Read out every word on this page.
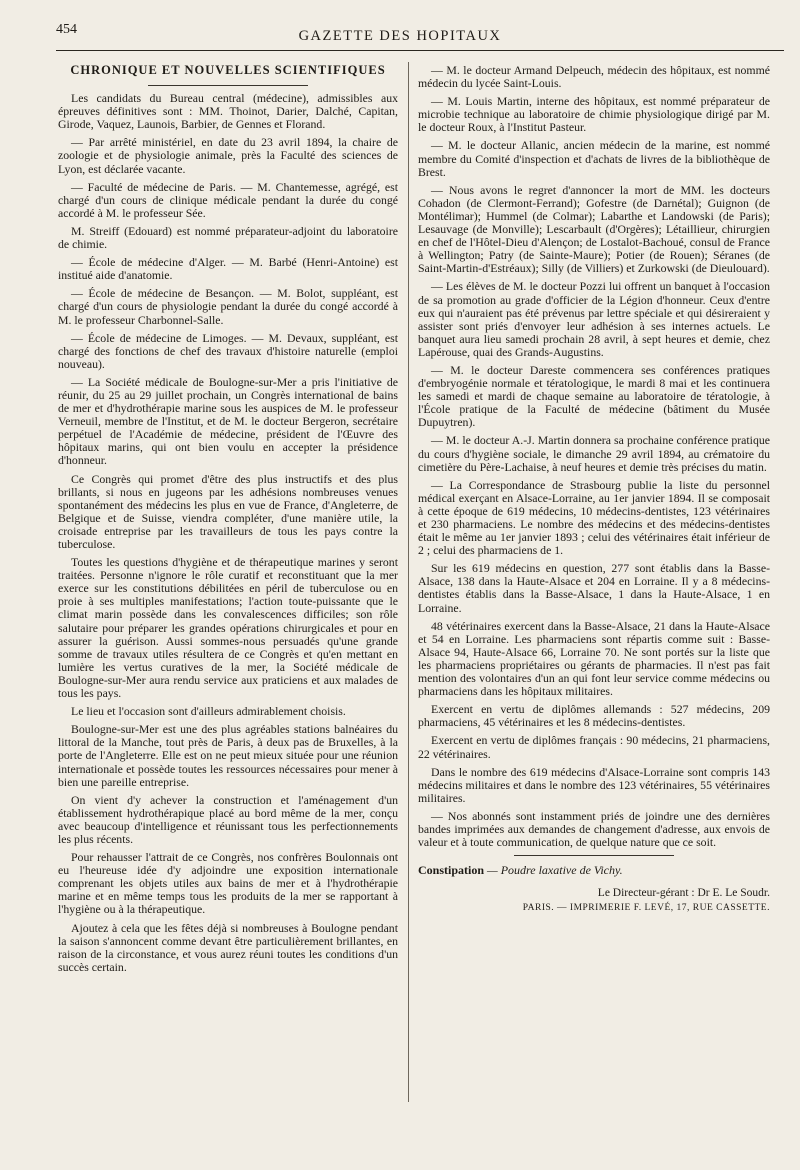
454	GAZETTE DES HOPITAUX
CHRONIQUE ET NOUVELLES SCIENTIFIQUES

Les candidats du Bureau central (médecine), admissibles aux épreuves définitives sont : MM. Thoinot, Darier, Dalché, Capitan, Girode, Vaquez, Launois, Barbier, de Gennes et Florand.

— Par arrêté ministériel, en date du 23 avril 1894, la chaire de zoologie et de physiologie animale, près la Faculté des sciences de Lyon, est déclarée vacante.

— Faculté de médecine de Paris. — M. Chantemesse, agrégé, est chargé d'un cours de clinique médicale pendant la durée du congé accordé à M. le professeur Sée.

M. Streiff (Edouard) est nommé préparateur-adjoint du laboratoire de chimie.

— École de médecine d'Alger. — M. Barbé (Henri-Antoine) est institué aide d'anatomie.

— École de médecine de Besançon. — M. Bolot, suppléant, est chargé d'un cours de physiologie pendant la durée du congé accordé à M. le professeur Charbonnel-Salle.

— École de médecine de Limoges. — M. Devaux, suppléant, est chargé des fonctions de chef des travaux d'histoire naturelle (emploi nouveau).

— La Société médicale de Boulogne-sur-Mer a pris l'initiative de réunir, du 25 au 29 juillet prochain, un Congrès international de bains de mer et d'hydrothérapie marine sous les auspices de M. le professeur Verneuil, membre de l'Institut, et de M. le docteur Bergeron, secrétaire perpétuel de l'Académie de médecine, président de l'Œuvre des hôpitaux marins, qui ont bien voulu en accepter la présidence d'honneur.

Ce Congrès qui promet d'être des plus instructifs et des plus brillants, si nous en jugeons par les adhésions nombreuses venues spontanément des médecins les plus en vue de France, d'Angleterre, de Belgique et de Suisse, viendra compléter, d'une manière utile, la croisade entreprise par les travailleurs de tous les pays contre la tuberculose.

Toutes les questions d'hygiène et de thérapeutique marines y seront traitées. Personne n'ignore le rôle curatif et reconstituant que la mer exerce sur les constitutions débilitées en péril de tuberculose ou en proie à ses multiples manifestations; l'action toute-puissante que le climat marin possède dans les convalescences difficiles; son rôle salutaire pour préparer les grandes opérations chirurgicales et pour en assurer la guérison. Aussi sommes-nous persuadés qu'une grande somme de travaux utiles résultera de ce Congrès et qu'en mettant en lumière les vertus curatives de la mer, la Société médicale de Boulogne-sur-Mer aura rendu service aux praticiens et aux malades de tous les pays.

Le lieu et l'occasion sont d'ailleurs admirablement choisis.

Boulogne-sur-Mer est une des plus agréables stations balnéaires du littoral de la Manche, tout près de Paris, à deux pas de Bruxelles, à la porte de l'Angleterre. Elle est on ne peut mieux située pour une réunion internationale et possède toutes les ressources nécessaires pour mener à bien une pareille entreprise.

On vient d'y achever la construction et l'aménagement d'un établissement hydrothérapique placé au bord même de la mer, conçu avec beaucoup d'intelligence et réunissant tous les perfectionnements les plus récents.

Pour rehausser l'attrait de ce Congrès, nos confrères Boulonnais ont eu l'heureuse idée d'y adjoindre une exposition internationale comprenant les objets utiles aux bains de mer et à l'hydrothérapie marine et en même temps tous les produits de la mer se rapportant à l'hygiène ou à la thérapeutique.

Ajoutez à cela que les fêtes déjà si nombreuses à Boulogne pendant la saison s'annoncent comme devant être particulièrement brillantes, en raison de la circonstance, et vous aurez réuni toutes les conditions d'un succès certain.

— M. le docteur Armand Delpeuch, médecin des hôpitaux, est nommé médecin du lycée Saint-Louis.

— M. Louis Martin, interne des hôpitaux, est nommé préparateur de microbie technique au laboratoire de chimie physiologique dirigé par M. le docteur Roux, à l'Institut Pasteur.

— M. le docteur Allanic, ancien médecin de la marine, est nommé membre du Comité d'inspection et d'achats de livres de la bibliothèque de Brest.

— Nous avons le regret d'annoncer la mort de MM. les docteurs Cohadon (de Clermont-Ferrand); Gofestre (de Darnétal); Guignon (de Montélimar); Hummel (de Colmar); Labarthe et Landowski (de Paris); Lesauvage (de Monville); Lescarbault (d'Orgères); Létaillieur, chirurgien en chef de l'Hôtel-Dieu d'Alençon; de Lostalot-Bachoué, consul de France à Wellington; Patry (de Sainte-Maure); Potier (de Rouen); Séranes (de Saint-Martin-d'Estréaux); Silly (de Villiers) et Zurkowski (de Dieulouard).

— Les élèves de M. le docteur Pozzi lui offrent un banquet à l'occasion de sa promotion au grade d'officier de la Légion d'honneur. Ceux d'entre eux qui n'auraient pas été prévenus par lettre spéciale et qui désireraient y assister sont priés d'envoyer leur adhésion à ses internes actuels. Le banquet aura lieu samedi prochain 28 avril, à sept heures et demie, chez Lapérouse, quai des Grands-Augustins.

— M. le docteur Dareste commencera ses conférences pratiques d'embryogénie normale et tératologique, le mardi 8 mai et les continuera les samedi et mardi de chaque semaine au laboratoire de tératologie, à l'École pratique de la Faculté de médecine (bâtiment du Musée Dupuytren).

— M. le docteur A.-J. Martin donnera sa prochaine conférence pratique du cours d'hygiène sociale, le dimanche 29 avril 1894, au crématoire du cimetière du Père-Lachaise, à neuf heures et demie très précises du matin.

— La Correspondance de Strasbourg publie la liste du personnel médical exerçant en Alsace-Lorraine, au 1er janvier 1894. Il se composait à cette époque de 619 médecins, 10 médecins-dentistes, 123 vétérinaires et 230 pharmaciens. Le nombre des médecins et des médecins-dentistes était le même au 1er janvier 1893 ; celui des vétérinaires était inférieur de 2 ; celui des pharmaciens de 1.

Sur les 619 médecins en question, 277 sont établis dans la Basse-Alsace, 138 dans la Haute-Alsace et 204 en Lorraine. Il y a 8 médecins-dentistes établis dans la Basse-Alsace, 1 dans la Haute-Alsace, 1 en Lorraine.

48 vétérinaires exercent dans la Basse-Alsace, 21 dans la Haute-Alsace et 54 en Lorraine. Les pharmaciens sont répartis comme suit : Basse-Alsace 94, Haute-Alsace 66, Lorraine 70. Ne sont portés sur la liste que les pharmaciens propriétaires ou gérants de pharmacies. Il n'est pas fait mention des volontaires d'un an qui font leur service comme médecins ou pharmaciens dans les hôpitaux militaires.

Exercent en vertu de diplômes allemands : 527 médecins, 209 pharmaciens, 45 vétérinaires et les 8 médecins-dentistes.

Exercent en vertu de diplômes français : 90 médecins, 21 pharmaciens, 22 vétérinaires.

Dans le nombre des 619 médecins d'Alsace-Lorraine sont compris 143 médecins militaires et dans le nombre des 123 vétérinaires, 55 vétérinaires militaires.

— Nos abonnés sont instamment priés de joindre une des dernières bandes imprimées aux demandes de changement d'adresse, aux envois de valeur et à toute communication, de quelque nature que ce soit.

Constipation — Poudre laxative de Vichy.
Le Directeur-gérant : Dr E. Le Soudr.
PARIS. — IMPRIMERIE F. LEVÉ, 17, RUE CASSETTE.
